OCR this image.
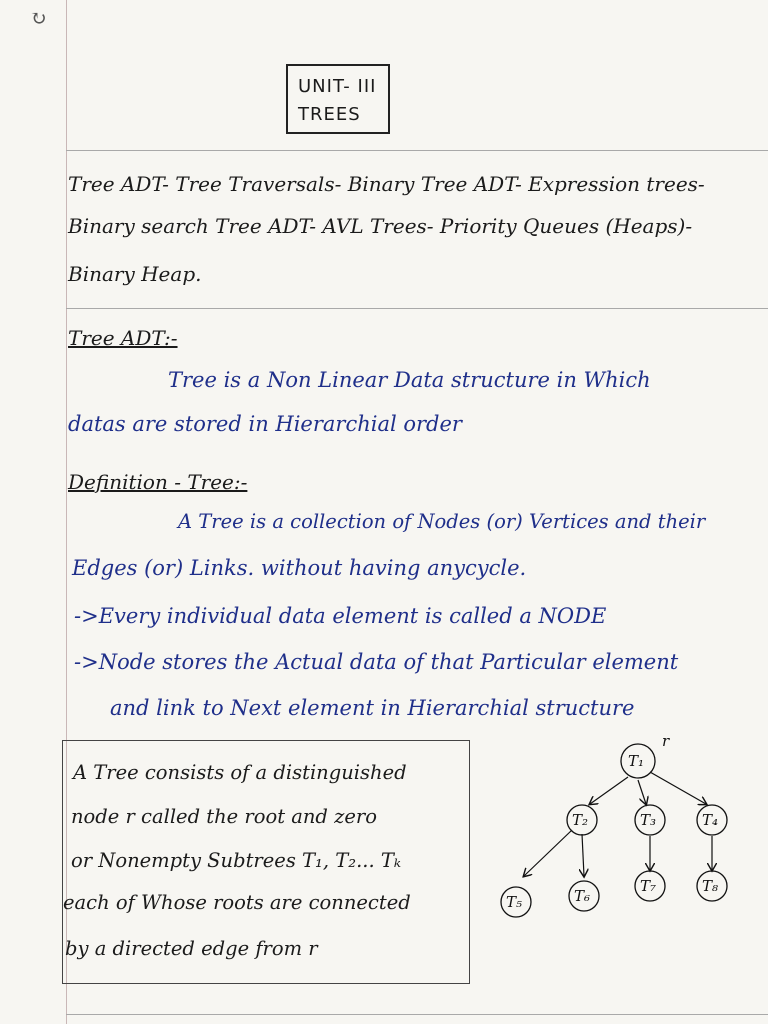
↻
UNIT- III
TREES
Tree ADT- Tree Traversals- Binary Tree ADT- Expression trees-
Binary search Tree ADT- AVL Trees- Priority Queues (Heaps)-
Binary Heap.
Tree ADT:-
Tree is a Non Linear Data structure in Which
datas are stored in Hierarchial order
Definition - Tree:-
A Tree is a collection of Nodes (or) Vertices and their
Edges (or) Links. without having anycycle.
->Every individual data element is called a NODE
->Node stores the Actual data of that Particular element
and link to Next element in Hierarchial structure
A Tree consists of a distinguished
node r called the root and zero
or Nonempty Subtrees T₁, T₂... Tₖ
each of Whose roots are connected
by a directed edge from r
r
T₁
T₂	T₃	T₄
T₅	T₆
T₇	T₈
